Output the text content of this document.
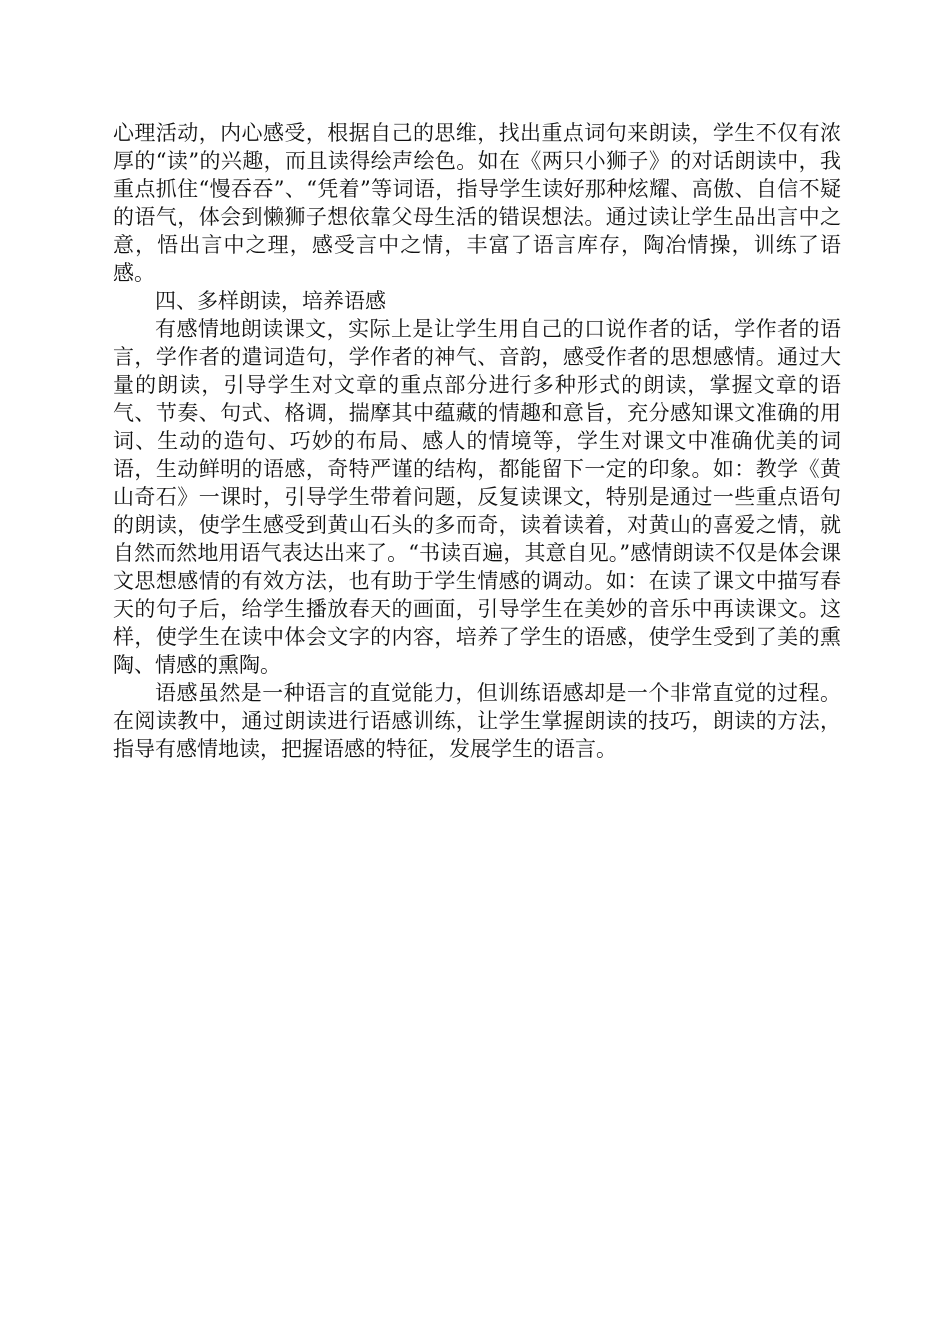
心理活动，内心感受，根据自己的思维，找出重点词句来朗读，学生不仅有浓厚的“读”的兴趣，而且读得绘声绘色。如在《两只小狮子》的对话朗读中，我重点抓住“慢吞吞”、“凭着”等词语，指导学生读好那种炫耀、高傲、自信不疑的语气，体会到懒狮子想依靠父母生活的错误想法。通过读让学生品出言中之意，悟出言中之理，感受言中之情，丰富了语言库存，陶冶情操，训练了语感。

四、多样朗读，培养语感

有感情地朗读课文，实际上是让学生用自己的口说作者的话，学作者的语言，学作者的遣词造句，学作者的神气、音韵，感受作者的思想感情。通过大量的朗读，引导学生对文章的重点部分进行多种形式的朗读，掌握文章的语气、节奏、句式、格调，揣摩其中蕴藏的情趣和意旨，充分感知课文准确的用词、生动的造句、巧妙的布局、感人的情境等，学生对课文中准确优美的词语，生动鲜明的语感，奇特严谨的结构，都能留下一定的印象。如：教学《黄山奇石》一课时，引导学生带着问题，反复读课文，特别是通过一些重点语句的朗读，使学生感受到黄山石头的多而奇，读着读着，对黄山的喜爱之情，就自然而然地用语气表达出来了。“书读百遍，其意自见。”感情朗读不仅是体会课文思想感情的有效方法，也有助于学生情感的调动。如：在读了课文中描写春天的句子后，给学生播放春天的画面，引导学生在美妙的音乐中再读课文。这样，使学生在读中体会文字的内容，培养了学生的语感，使学生受到了美的熏陶、情感的熏陶。

语感虽然是一种语言的直觉能力，但训练语感却是一个非常直觉的过程。在阅读教中，通过朗读进行语感训练，让学生掌握朗读的技巧，朗读的方法，指导有感情地读，把握语感的特征，发展学生的语言。
